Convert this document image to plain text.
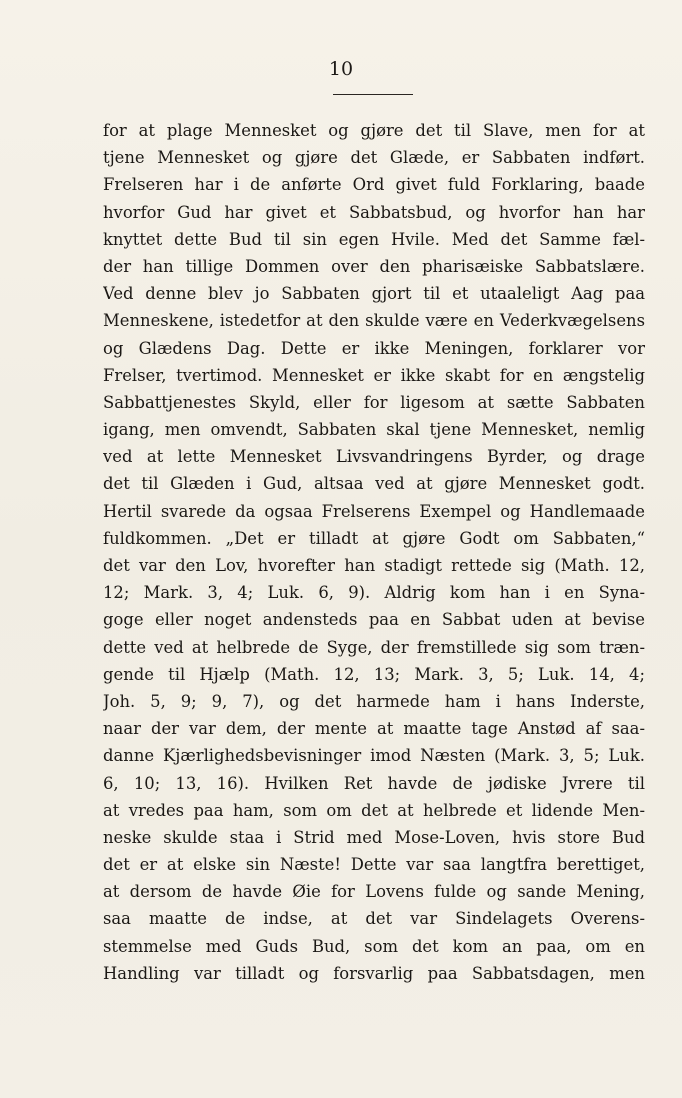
10
for at plage Mennesket og gjøre det til Slave, men for at
tjene Mennesket og gjøre det Glæde, er Sabbaten indført.
Frelseren har i de anførte Ord givet fuld Forklaring, baade
hvorfor Gud har givet et Sabbatsbud, og hvorfor han har
knyttet dette Bud til sin egen Hvile. Med det Samme fæl-
der han tillige Dommen over den pharisæiske Sabbatslære.
Ved denne blev jo Sabbaten gjort til et utaaleligt Aag paa
Menneskene, istedetfor at den skulde være en Vederkvægelsens
og Glædens Dag. Dette er ikke Meningen, forklarer vor
Frelser, tvertimod. Mennesket er ikke skabt for en ængstelig
Sabbattjenestes Skyld, eller for ligesom at sætte Sabbaten
igang, men omvendt, Sabbaten skal tjene Mennesket, nemlig
ved at lette Mennesket Livsvandringens Byrder, og drage
det til Glæden i Gud, altsaa ved at gjøre Mennesket godt.
Hertil svarede da ogsaa Frelserens Exempel og Handlemaade
fuldkommen. „Det er tilladt at gjøre Godt om Sabbaten,“
det var den Lov, hvorefter han stadigt rettede sig (Math. 12,
12; Mark. 3, 4; Luk. 6, 9). Aldrig kom han i en Syna-
goge eller noget andensteds paa en Sabbat uden at bevise
dette ved at helbrede de Syge, der fremstillede sig som træn-
gende til Hjælp (Math. 12, 13; Mark. 3, 5; Luk. 14, 4;
Joh. 5, 9; 9, 7), og det harmede ham i hans Inderste,
naar der var dem, der mente at maatte tage Anstød af saa-
danne Kjærlighedsbevisninger imod Næsten (Mark. 3, 5; Luk.
6, 10; 13, 16). Hvilken Ret havde de jødiske Jvrere til
at vredes paa ham, som om det at helbrede et lidende Men-
neske skulde staa i Strid med Mose-Loven, hvis store Bud
det er at elske sin Næste! Dette var saa langtfra berettiget,
at dersom de havde Øie for Lovens fulde og sande Mening,
saa maatte de indse, at det var Sindelagets Overens-
stemmelse med Guds Bud, som det kom an paa, om en
Handling var tilladt og forsvarlig paa Sabbatsdagen, men
